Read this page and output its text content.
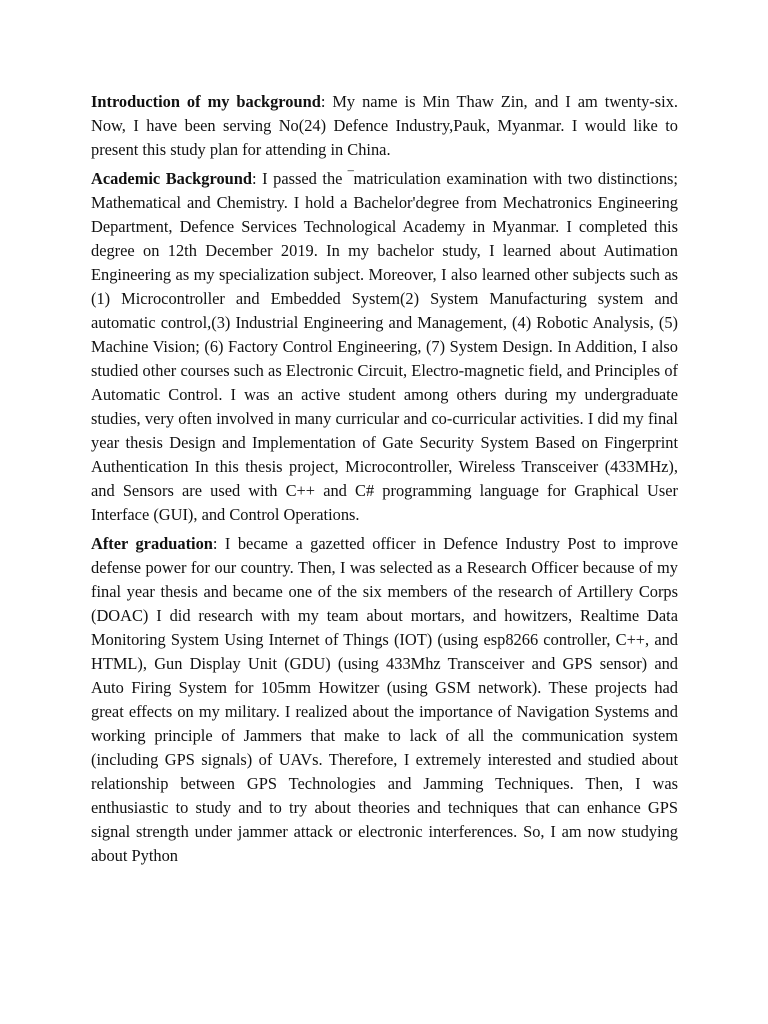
Introduction of my background: My name is Min Thaw Zin, and I am twenty-six. Now, I have been serving No(24) Defence Industry,Pauk, Myanmar. I would like to present this study plan for attending in China.

Academic Background: I passed the ‾matriculation examination with two distinctions; Mathematical and Chemistry. I hold a Bachelor'degree from Mechatronics Engineering Department, Defence Services Technological Academy in Myanmar. I completed this degree on 12th December 2019. In my bachelor study, I learned about Autimation Engineering as my specialization subject. Moreover, I also learned other subjects such as (1) Microcontroller and Embedded System(2) System Manufacturing system and automatic control,(3) Industrial Engineering and Management, (4) Robotic Analysis, (5) Machine Vision; (6) Factory Control Engineering, (7) System Design. In Addition, I also studied other courses such as Electronic Circuit, Electro-magnetic field, and Principles of Automatic Control. I was an active student among others during my undergraduate studies, very often involved in many curricular and co-curricular activities. I did my final year thesis Design and Implementation of Gate Security System Based on Fingerprint Authentication In this thesis project, Microcontroller, Wireless Transceiver (433MHz), and Sensors are used with C++ and C# programming language for Graphical User Interface (GUI), and Control Operations.

After graduation: I became a gazetted officer in Defence Industry Post to improve defense power for our country. Then, I was selected as a Research Officer because of my final year thesis and became one of the six members of the research of Artillery Corps (DOAC) I did research with my team about mortars, and howitzers, Realtime Data Monitoring System Using Internet of Things (IOT) (using esp8266 controller, C++, and HTML), Gun Display Unit (GDU) (using 433Mhz Transceiver and GPS sensor) and Auto Firing System for 105mm Howitzer (using GSM network). These projects had great effects on my military. I realized about the importance of Navigation Systems and working principle of Jammers that make to lack of all the communication system (including GPS signals) of UAVs. Therefore, I extremely interested and studied about relationship between GPS Technologies and Jamming Techniques. Then, I was enthusiastic to study and to try about theories and techniques that can enhance GPS signal strength under jammer attack or electronic interferences. So, I am now studying about Python
